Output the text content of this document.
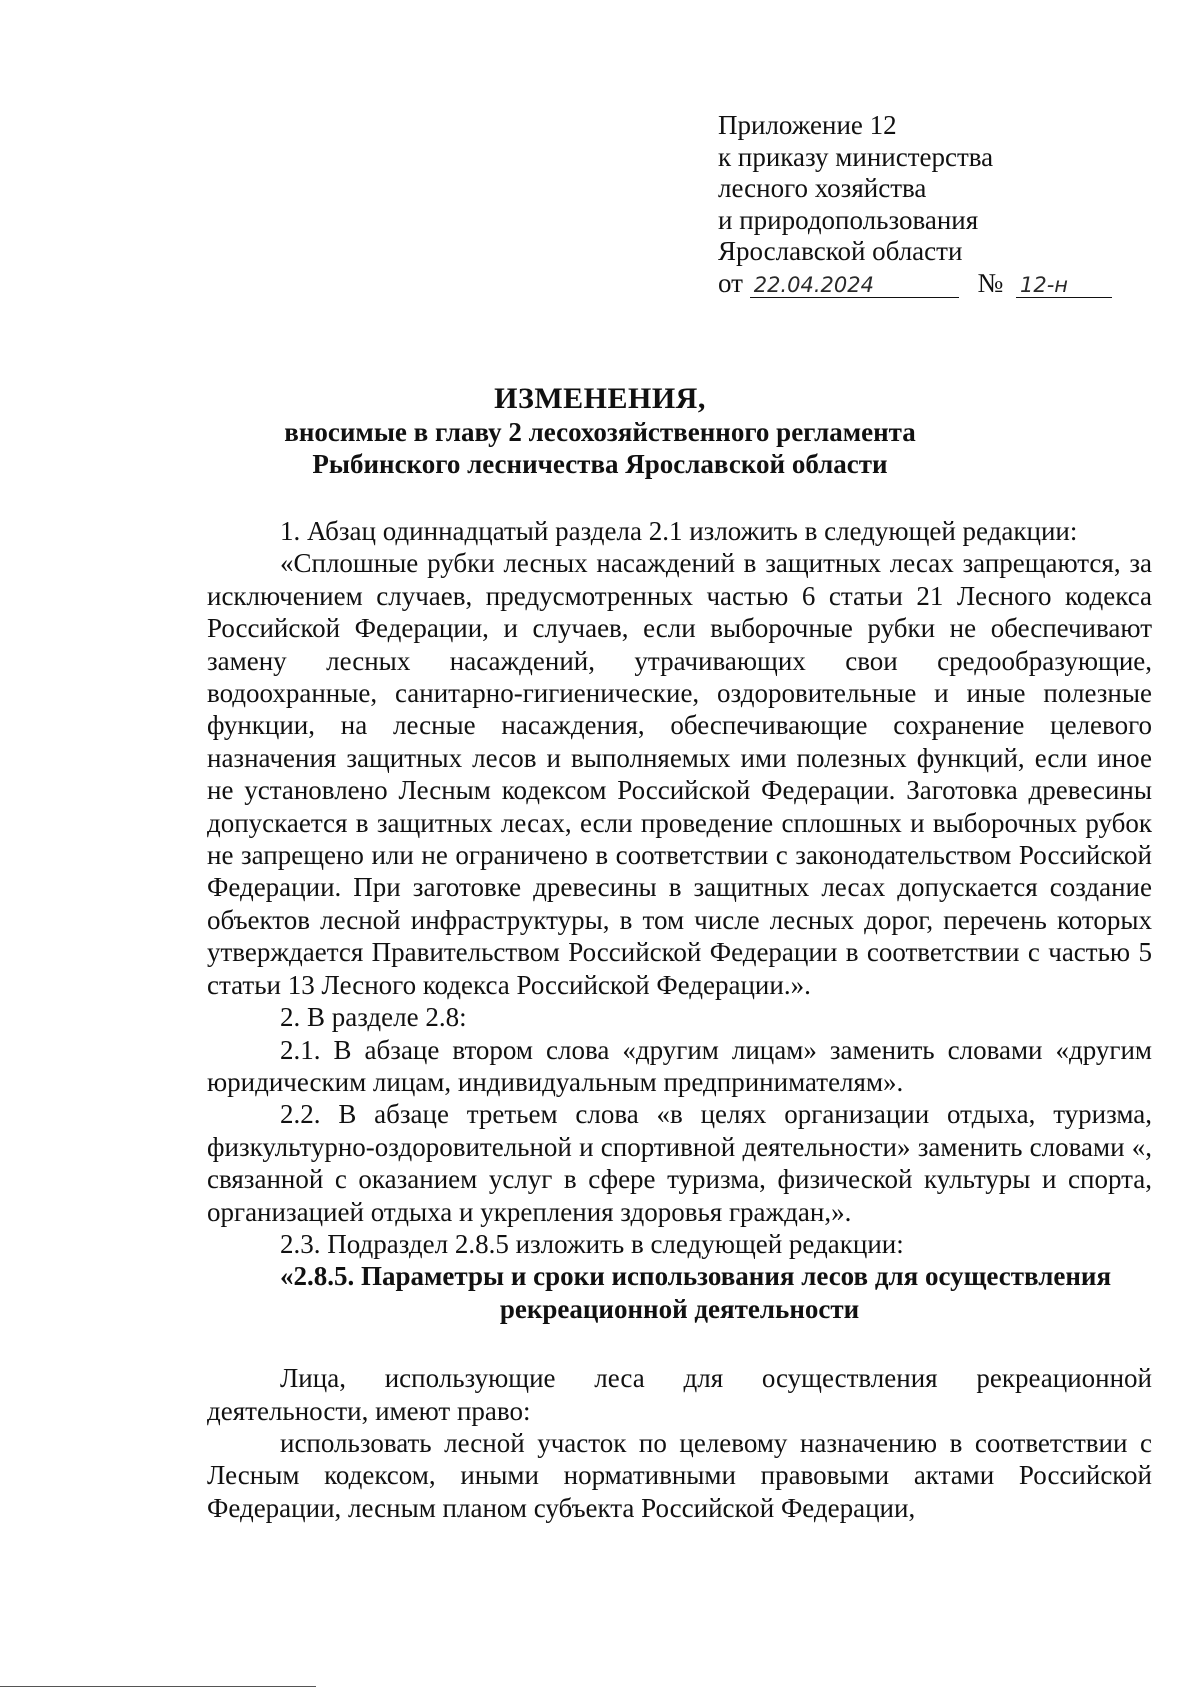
Приложение 12
к приказу министерства
лесного хозяйства
и природопользования
Ярославской области
от 22.04.2024	№ 12-н
ИЗМЕНЕНИЯ,
вносимые в главу 2 лесохозяйственного регламента
Рыбинского лесничества Ярославской области

1. Абзац одиннадцатый раздела 2.1 изложить в следующей редакции:

«Сплошные рубки лесных насаждений в защитных лесах запрещаются, за исключением случаев, предусмотренных частью 6 статьи 21 Лесного кодекса Российской Федерации, и случаев, если выборочные рубки не обеспечивают замену лесных насаждений, утрачивающих свои средообразующие, водоохранные, санитарно-гигиенические, оздоровительные и иные полезные функции, на лесные насаждения, обеспечивающие сохранение целевого назначения защитных лесов и выполняемых ими полезных функций, если иное не установлено Лесным кодексом Российской Федерации. Заготовка древесины допускается в защитных лесах, если проведение сплошных и выборочных рубок не запрещено или не ограничено в соответствии с законодательством Российской Федерации. При заготовке древесины в защитных лесах допускается создание объектов лесной инфраструктуры, в том числе лесных дорог, перечень которых утверждается Правительством Российской Федерации в соответствии с частью 5 статьи 13 Лесного кодекса Российской Федерации.».

2. В разделе 2.8:

2.1. В абзаце втором слова «другим лицам» заменить словами «другим юридическим лицам, индивидуальным предпринимателям».

2.2. В абзаце третьем слова «в целях организации отдыха, туризма, физкультурно-оздоровительной и спортивной деятельности» заменить словами «, связанной с оказанием услуг в сфере туризма, физической культуры и спорта, организацией отдыха и укрепления здоровья граждан,».

2.3. Подраздел 2.8.5 изложить в следующей редакции:

«2.8.5. Параметры и сроки использования лесов для осуществления

рекреационной деятельности

Лица, использующие леса для осуществления рекреационной деятельности, имеют право:

использовать лесной участок по целевому назначению в соответствии с Лесным кодексом, иными нормативными правовыми актами Российской Федерации, лесным планом субъекта Российской Федерации,
